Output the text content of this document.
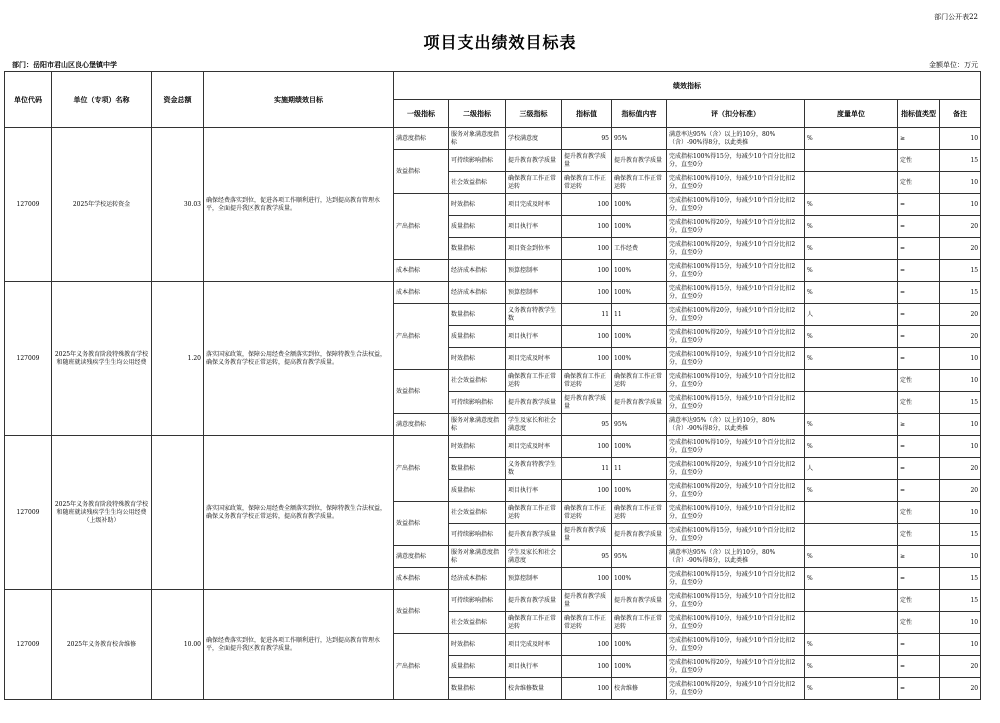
部门公开表22
项目支出绩效目标表
部门：岳阳市君山区良心堡镇中学	金额单位：万元
单位代码	单位（专项）名称	资金总额	实施期绩效目标	绩效指标								
				一级指标	二级指标	三级指标	指标值	指标值内容	评（扣分标准）	度量单位	指标值类型	备注
127009	2025年学校运转资金	30.03	确保经费落实到位，促进各项工作顺利进行，达到提高教育管理水平，全面提升我区教育教学质量。	满意度指标	服务对象满意度指标	学校满意度	95	95%	满意率达95%（含）以上的10分，80%（含）-90%得8分，以此类推	%	≥	10
				效益指标	可持续影响指标	提升教育教学质量	提升教育教学质量	提升教育教学质量	完成指标100%得15分，每减少10个百分比扣2分，直至0分		定性	15
					社会效益指标	确保教育工作正常运转	确保教育工作正常运转	确保教育工作正常运转	完成指标100%得10分，每减少10个百分比扣2分，直至0分		定性	10
				产出指标	时效指标	项目完成及时率	100	100%	完成指标100%得10分，每减少10个百分比扣2分，直至0分	%	=	10
					质量指标	项目执行率	100	100%	完成指标100%得20分，每减少10个百分比扣2分，直至0分	%	=	20
					数量指标	项目资金到位率	100	工作经费	完成指标100%得20分，每减少10个百分比扣2分，直至0分	%	=	20
				成本指标	经济成本指标	预算控制率	100	100%	完成指标100%得15分，每减少10个百分比扣2分，直至0分	%	=	15
127009	2025年义务教育阶段特殊教育学校和随班就读残疾学生生均公用经费	1.20	落实国家政策，保障公用经费全额落实到位，保障特教生合法权益，确保义务教育学校正常运转，提高教育教学质量。	成本指标	经济成本指标	预算控制率	100	100%	完成指标100%得15分，每减少10个百分比扣2分，直至0分	%	=	15
				产出指标	数量指标	义务教育特教学生数	11	11	完成指标100%得20分，每减少10个百分比扣2分，直至0分	人	=	20
					质量指标	项目执行率	100	100%	完成指标100%得20分，每减少10个百分比扣2分，直至0分	%	=	20
					时效指标	项目完成及时率	100	100%	完成指标100%得10分，每减少10个百分比扣2分，直至0分	%	=	10
				效益指标	社会效益指标	确保教育工作正常运转	确保教育工作正常运转	确保教育工作正常运转	完成指标100%得10分，每减少10个百分比扣2分，直至0分		定性	10
					可持续影响指标	提升教育教学质量	提升教育教学质量	提升教育教学质量	完成指标100%得15分，每减少10个百分比扣2分，直至0分		定性	15
				满意度指标	服务对象满意度指标	学生及家长和社会满意度	95	95%	满意率达95%（含）以上的10分，80%（含）-90%得8分，以此类推	%	≥	10
127009	2025年义务教育阶段特殊教育学校和随班就读残疾学生生均公用经费（上级补助）		落实国家政策，保障公用经费全额落实到位，保障特教生合法权益，确保义务教育学校正常运转，提高教育教学质量。	产出指标	时效指标	项目完成及时率	100	100%	完成指标100%得10分，每减少10个百分比扣2分，直至0分	%	=	10
					数量指标	义务教育特教学生数	11	11	完成指标100%得20分，每减少10个百分比扣2分，直至0分	人	=	20
					质量指标	项目执行率	100	100%	完成指标100%得20分，每减少10个百分比扣2分，直至0分	%	=	20
				效益指标	社会效益指标	确保教育工作正常运转	确保教育工作正常运转	确保教育工作正常运转	完成指标100%得10分，每减少10个百分比扣2分，直至0分		定性	10
					可持续影响指标	提升教育教学质量	提升教育教学质量	提升教育教学质量	完成指标100%得15分，每减少10个百分比扣2分，直至0分		定性	15
				满意度指标	服务对象满意度指标	学生及家长和社会满意度	95	95%	满意率达95%（含）以上的10分，80%（含）-90%得8分，以此类推	%	≥	10
				成本指标	经济成本指标	预算控制率	100	100%	完成指标100%得15分，每减少10个百分比扣2分，直至0分	%	=	15
127009	2025年义务教育校舍维修	10.00	确保经费落实到位，促进各项工作顺利进行，达到提高教育管理水平，全面提升我区教育教学质量。	效益指标	可持续影响指标	提升教育教学质量	提升教育教学质量	提升教育教学质量	完成指标100%得15分，每减少10个百分比扣2分，直至0分		定性	15
					社会效益指标	确保教育工作正常运转	确保教育工作正常运转	确保教育工作正常运转	完成指标100%得10分，每减少10个百分比扣2分，直至0分		定性	10
				产出指标	时效指标	项目完成及时率	100	100%	完成指标100%得10分，每减少10个百分比扣2分，直至0分	%	=	10
					质量指标	项目执行率	100	100%	完成指标100%得20分，每减少10个百分比扣2分，直至0分	%	=	20
					数量指标	校舍维修数量	100	校舍维修	完成指标100%得20分，每减少10个百分比扣2分，直至0分	%	=	20
